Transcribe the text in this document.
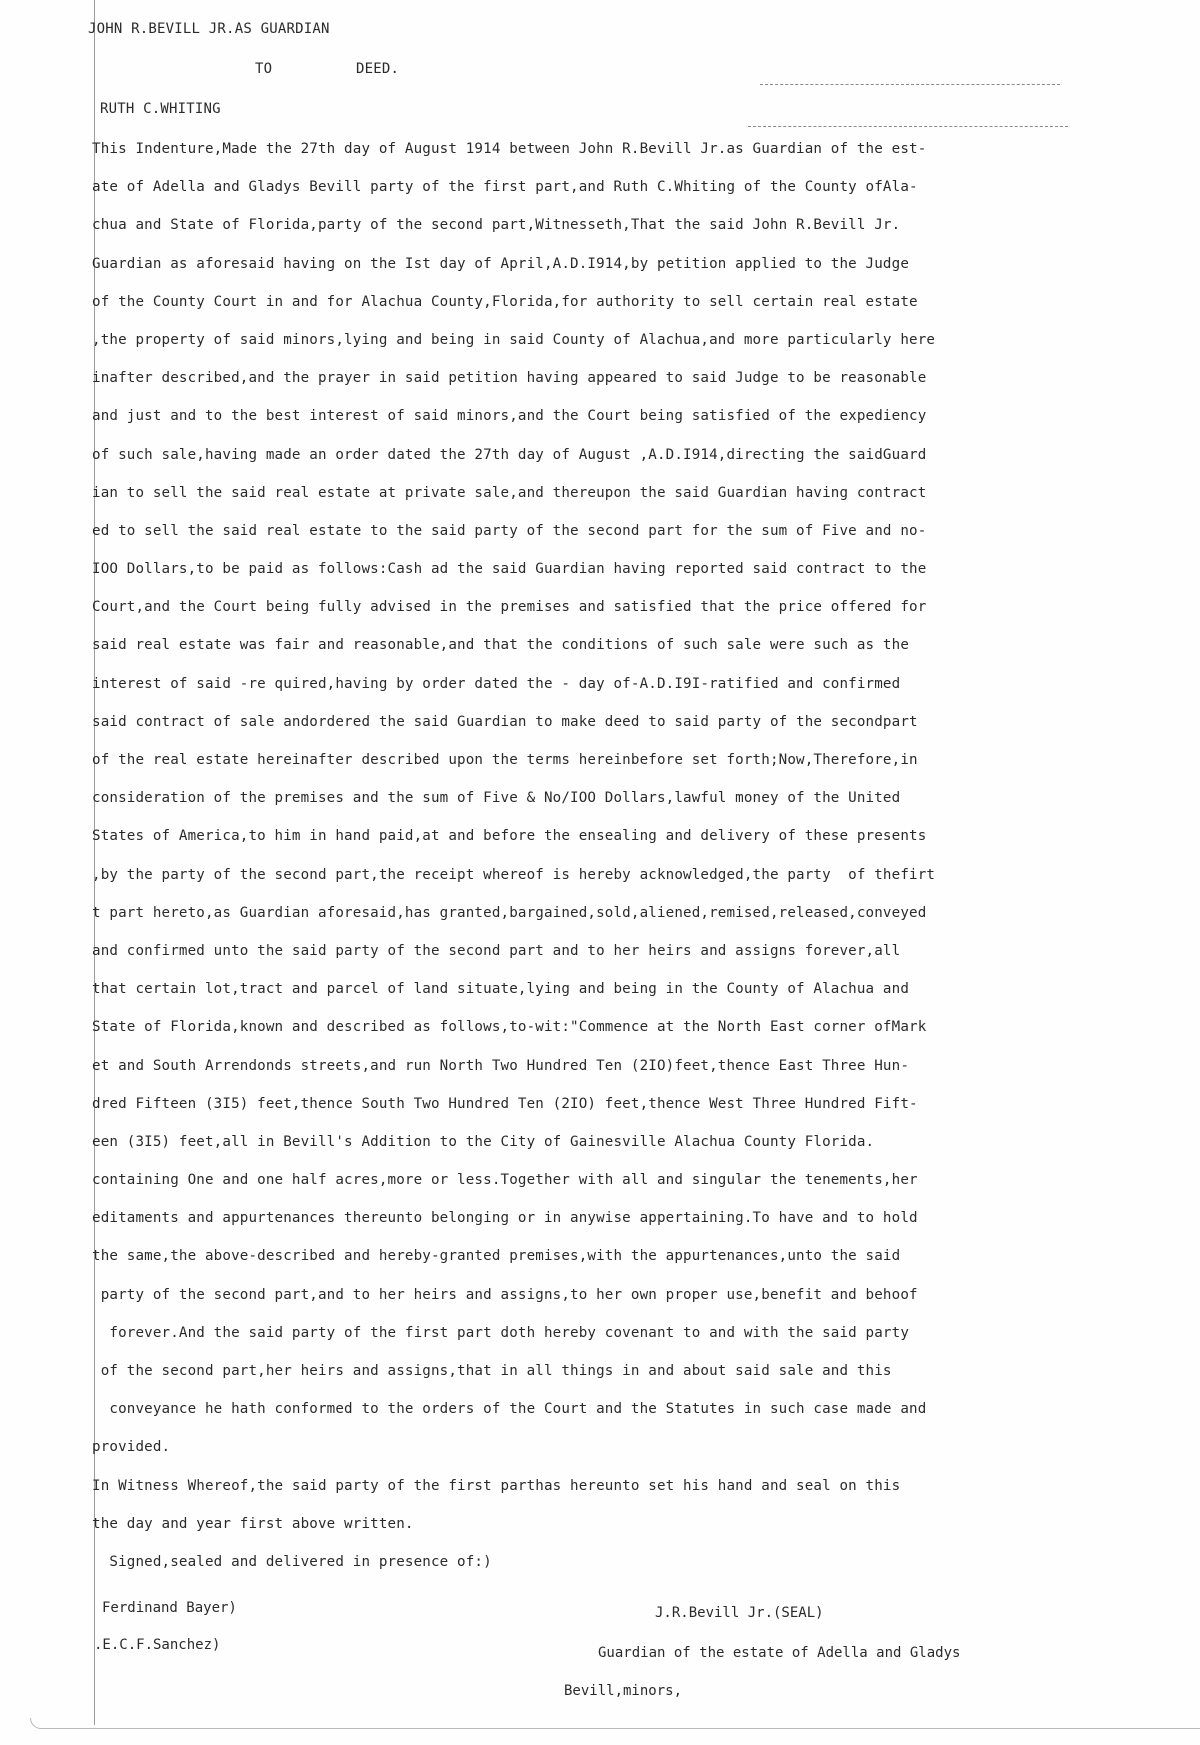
JOHN R.BEVILL JR.AS GUARDIAN
TO	DEED.
RUTH C.WHITING
This Indenture,Made the 27th day of August 1914 between John R.Bevill Jr.as Guardian of the est-
ate of Adella and Gladys Bevill party of the first part,and Ruth C.Whiting of the County ofAla-
chua and State of Florida,party of the second part,Witnesseth,That the said John R.Bevill Jr.
Guardian as aforesaid having on the Ist day of April,A.D.I914,by petition applied to the Judge
of the County Court in and for Alachua County,Florida,for authority to sell certain real estate
,the property of said minors,lying and being in said County of Alachua,and more particularly here
inafter described,and the prayer in said petition having appeared to said Judge to be reasonable
and just and to the best interest of said minors,and the Court being satisfied of the expediency
of such sale,having made an order dated the 27th day of August ,A.D.I914,directing the saidGuard
ian to sell the said real estate at private sale,and thereupon the said Guardian having contract
ed to sell the said real estate to the said party of the second part for the sum of Five and no-
IOO Dollars,to be paid as follows:Cash ad the said Guardian having reported said contract to the
Court,and the Court being fully advised in the premises and satisfied that the price offered for
said real estate was fair and reasonable,and that the conditions of such sale were such as the
interest of said -re quired,having by order dated the - day of-A.D.I9I-ratified and confirmed
said contract of sale andordered the said Guardian to make deed to said party of the secondpart
of the real estate hereinafter described upon the terms hereinbefore set forth;Now,Therefore,in
consideration of the premises and the sum of Five & No/IOO Dollars,lawful money of the United
States of America,to him in hand paid,at and before the ensealing and delivery of these presents
,by the party of the second part,the receipt whereof is hereby acknowledged,the party  of thefirt
t part hereto,as Guardian aforesaid,has granted,bargained,sold,aliened,remised,released,conveyed
and confirmed unto the said party of the second part and to her heirs and assigns forever,all
that certain lot,tract and parcel of land situate,lying and being in the County of Alachua and
State of Florida,known and described as follows,to-wit:"Commence at the North East corner ofMark
et and South Arrendonds streets,and run North Two Hundred Ten (2IO)feet,thence East Three Hun-
dred Fifteen (3I5) feet,thence South Two Hundred Ten (2IO) feet,thence West Three Hundred Fift-
een (3I5) feet,all in Bevill's Addition to the City of Gainesville Alachua County Florida.
containing One and one half acres,more or less.Together with all and singular the tenements,her
editaments and appurtenances thereunto belonging or in anywise appertaining.To have and to hold
the same,the above-described and hereby-granted premises,with the appurtenances,unto the said
party of the second part,and to her heirs and assigns,to her own proper use,benefit and behoof
forever.And the said party of the first part doth hereby covenant to and with the said party
of the second part,her heirs and assigns,that in all things in and about said sale and this
conveyance he hath conformed to the orders of the Court and the Statutes in such case made and
provided.
In Witness Whereof,the said party of the first parthas hereunto set his hand and seal on this
the day and year first above written.
Signed,sealed and delivered in presence of:)
Ferdinand Bayer)
.E.C.F.Sanchez)
J.R.Bevill Jr.(SEAL)
Guardian of the estate of Adella and Gladys
Bevill,minors,
